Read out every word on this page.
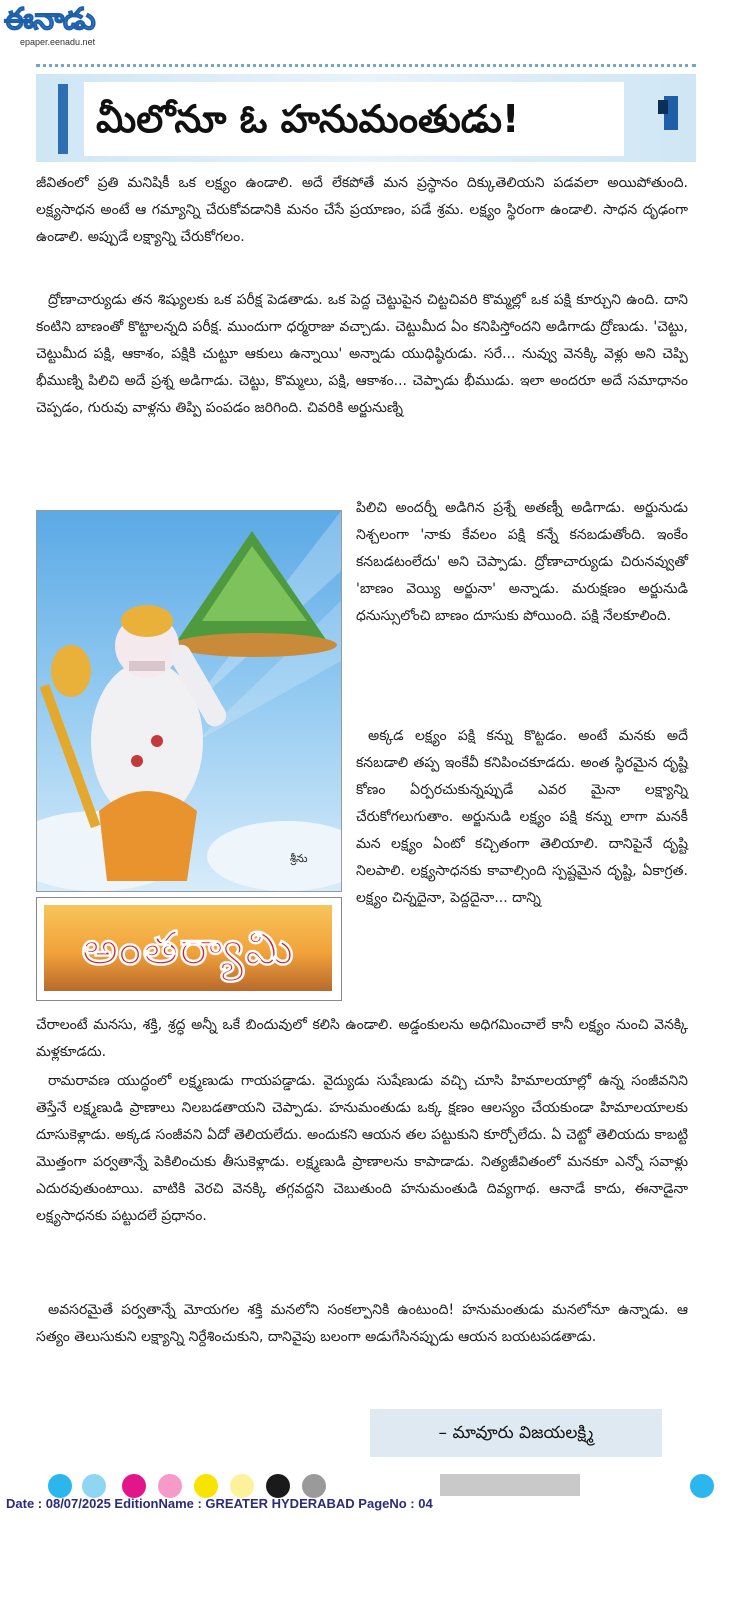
ఈనాడు
epaper.eenadu.net
మీలోనూ ఓ హనుమంతుడు!

జీవితంలో ప్రతి మనిషికీ ఒక లక్ష్యం ఉండాలి. అదే లేకపోతే మన ప్రస్థానం దిక్కుతెలియని పడవలా అయిపోతుంది. లక్ష్యసాధన అంటే ఆ గమ్యాన్ని చేరుకోవడానికి మనం చేసే ప్రయాణం, పడే శ్రమ. లక్ష్యం స్థిరంగా ఉండాలి. సాధన దృఢంగా ఉండాలి. అప్పుడే లక్ష్యాన్ని చేరుకోగలం.

ద్రోణాచార్యుడు తన శిష్యులకు ఒక పరీక్ష పెడతాడు. ఒక పెద్ద చెట్టుపైన చిట్టచివరి కొమ్మల్లో ఒక పక్షి కూర్చుని ఉంది. దాని కంటిని బాణంతో కొట్టాలన్నది పరీక్ష. ముందుగా ధర్మరాజు వచ్చాడు. చెట్టుమీద ఏం కనిపిస్తోందని అడిగాడు ద్రోణుడు. 'చెట్టు, చెట్టుమీద పక్షి, ఆకాశం, పక్షికి చుట్టూ ఆకులు ఉన్నాయి' అన్నాడు యుధిష్ఠిరుడు. సరే... నువ్వు వెనక్కి వెళ్లు అని చెప్పి భీముణ్ని పిలిచి అదే ప్రశ్న అడిగాడు. చెట్టు, కొమ్మలు, పక్షి, ఆకాశం... చెప్పాడు భీముడు. ఇలా అందరూ అదే సమాధానం చెప్పడం, గురువు వాళ్లను తిప్పి పంపడం జరిగింది. చివరికి అర్జునుణ్ని

శ్రీను

పిలిచి అందర్నీ అడిగిన ప్రశ్నే అతణ్నీ అడిగాడు. అర్జునుడు నిశ్చలంగా 'నాకు కేవలం పక్షి కన్నే కనబడుతోంది. ఇంకేం కనబడటంలేదు' అని చెప్పాడు. ద్రోణాచార్యుడు చిరునవ్వుతో 'బాణం వెయ్యి అర్జునా' అన్నాడు. మరుక్షణం అర్జునుడి ధనుస్సులోంచి బాణం దూసుకు పోయింది. పక్షి నేలకూలింది.

అక్కడ లక్ష్యం పక్షి కన్ను కొట్టడం. అంటే మనకు అదే కనబడాలి తప్ప ఇంకేవీ కనిపించకూడదు. అంత స్థిరమైన దృష్టి కోణం ఏర్పరచుకున్నప్పుడే ఎవర మైనా లక్ష్యాన్ని చేరుకోగలుగుతాం. అర్జునుడి లక్ష్యం పక్షి కన్ను లాగా మనకీ మన లక్ష్యం ఏంటో కచ్చితంగా తెలియాలి. దానిపైనే దృష్టి నిలపాలి. లక్ష్యసాధనకు కావాల్సింది స్పష్టమైన దృష్టి, ఏకాగ్రత. లక్ష్యం చిన్నదైనా, పెద్దదైనా... దాన్ని

అంతర్యామి

చేరాలంటే మనసు, శక్తి, శ్రద్ధ అన్నీ ఒకే బిందువులో కలిసి ఉండాలి. అడ్డంకులను అధిగమించాలే కానీ లక్ష్యం నుంచి వెనక్కి మళ్లకూడదు.

రామరావణ యుద్ధంలో లక్ష్మణుడు గాయపడ్డాడు. వైద్యుడు సుషేణుడు వచ్చి చూసి హిమాలయాల్లో ఉన్న సంజీవనిని తెస్తేనే లక్ష్మణుడి ప్రాణాలు నిలబడతాయని చెప్పాడు. హనుమంతుడు ఒక్క క్షణం ఆలస్యం చేయకుండా హిమాలయాలకు దూసుకెళ్లాడు. అక్కడ సంజీవని ఏదో తెలియలేదు. అందుకని ఆయన తల పట్టుకుని కూర్చోలేదు. ఏ చెట్టో తెలియదు కాబట్టి మొత్తంగా పర్వతాన్నే పెకిలించుకు తీసుకెళ్లాడు. లక్ష్మణుడి ప్రాణాలను కాపాడాడు. నిత్యజీవితంలో మనకూ ఎన్నో సవాళ్లు ఎదురవుతుంటాయి. వాటికి వెరచి వెనక్కి తగ్గవద్దని చెబుతుంది హనుమంతుడి దివ్యగాథ. ఆనాడే కాదు, ఈనాడైనా లక్ష్యసాధనకు పట్టుదలే ప్రధానం.

అవసరమైతే పర్వతాన్నే మోయగల శక్తి మనలోని సంకల్పానికి ఉంటుంది! హనుమంతుడు మనలోనూ ఉన్నాడు. ఆ సత్యం తెలుసుకుని లక్ష్యాన్ని నిర్దేశించుకుని, దానివైపు బలంగా అడుగేసినప్పుడు ఆయన బయటపడతాడు.

– మావూరు విజయలక్ష్మి
Date : 08/07/2025 EditionName : GREATER HYDERABAD PageNo : 04
